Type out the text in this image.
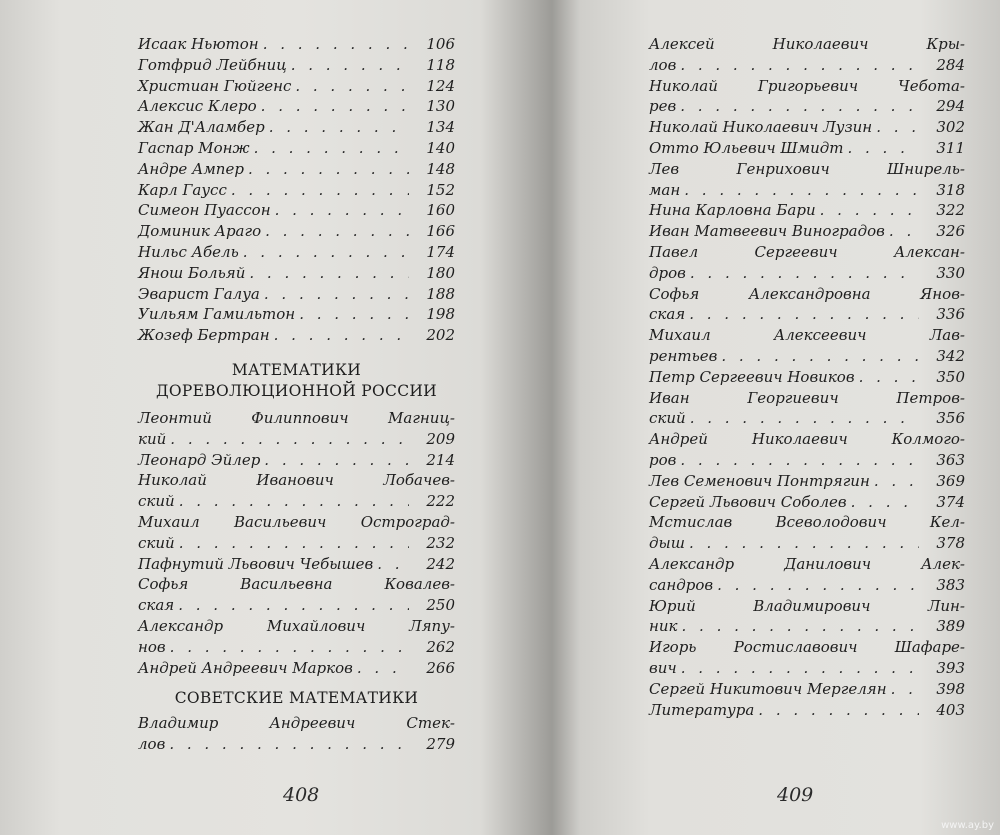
Исаак Ньютон . . .	106
Готфрид Лейбниц . . .	118
Христиан Гюйгенс . . .	124
Алексис Клеро . . .	130
Жан Д'Аламбер . . .	134
Гаспар Монж . . .	140
Андре Ампер . . .	148
Карл Гаусс . . .	152
Симеон Пуассон . . .	160
Доминик Араго . . .	166
Нильс Абель . . .	174
Янош Больяй . . .	180
Эварист Галуа . . .	188
Уильям Гамильтон . . .	198
Жозеф Бертран . . .	202
МАТЕМАТИКИ
ДОРЕВОЛЮЦИОННОЙ РОССИИ
Леонтий Филиппович Магниц-
кий . . .	209
Леонард Эйлер . . .	214
Николай Иванович Лобачев-
ский . . .	222
Михаил Васильевич Остроград-
ский . . .	232
Пафнутий Львович Чебышев . . .	242
Софья Васильевна Ковалев-
ская . . .	250
Александр Михайлович Ляпу-
нов . . .	262
Андрей Андреевич Марков . . .	266
СОВЕТСКИЕ МАТЕМАТИКИ
Владимир Андреевич Стек-
лов . . .	279
408
Алексей Николаевич Кры-
лов . . .	284
Николай Григорьевич Чебота-
рев . . .	294
Николай Николаевич Лузин . . .	302
Отто Юльевич Шмидт . . .	311
Лев Генрихович Шнирель-
ман . . .	318
Нина Карловна Бари . . .	322
Иван Матвеевич Виноградов . . .	326
Павел Сергеевич Алексан-
дров . . .	330
Софья Александровна Янов-
ская . . .	336
Михаил Алексеевич Лав-
рентьев . . .	342
Петр Сергеевич Новиков . . .	350
Иван Георгиевич Петров-
ский . . .	356
Андрей Николаевич Колмого-
ров . . .	363
Лев Семенович Понтрягин . . .	369
Сергей Львович Соболев . . .	374
Мстислав Всеволодович Кел-
дыш . . .	378
Александр Данилович Алек-
сандров . . .	383
Юрий Владимирович Лин-
ник . . .	389
Игорь Ростиславович Шафаре-
вич . . .	393
Сергей Никитович Мергелян . . .	398
Литература . . .	403
409
www.ay.by
